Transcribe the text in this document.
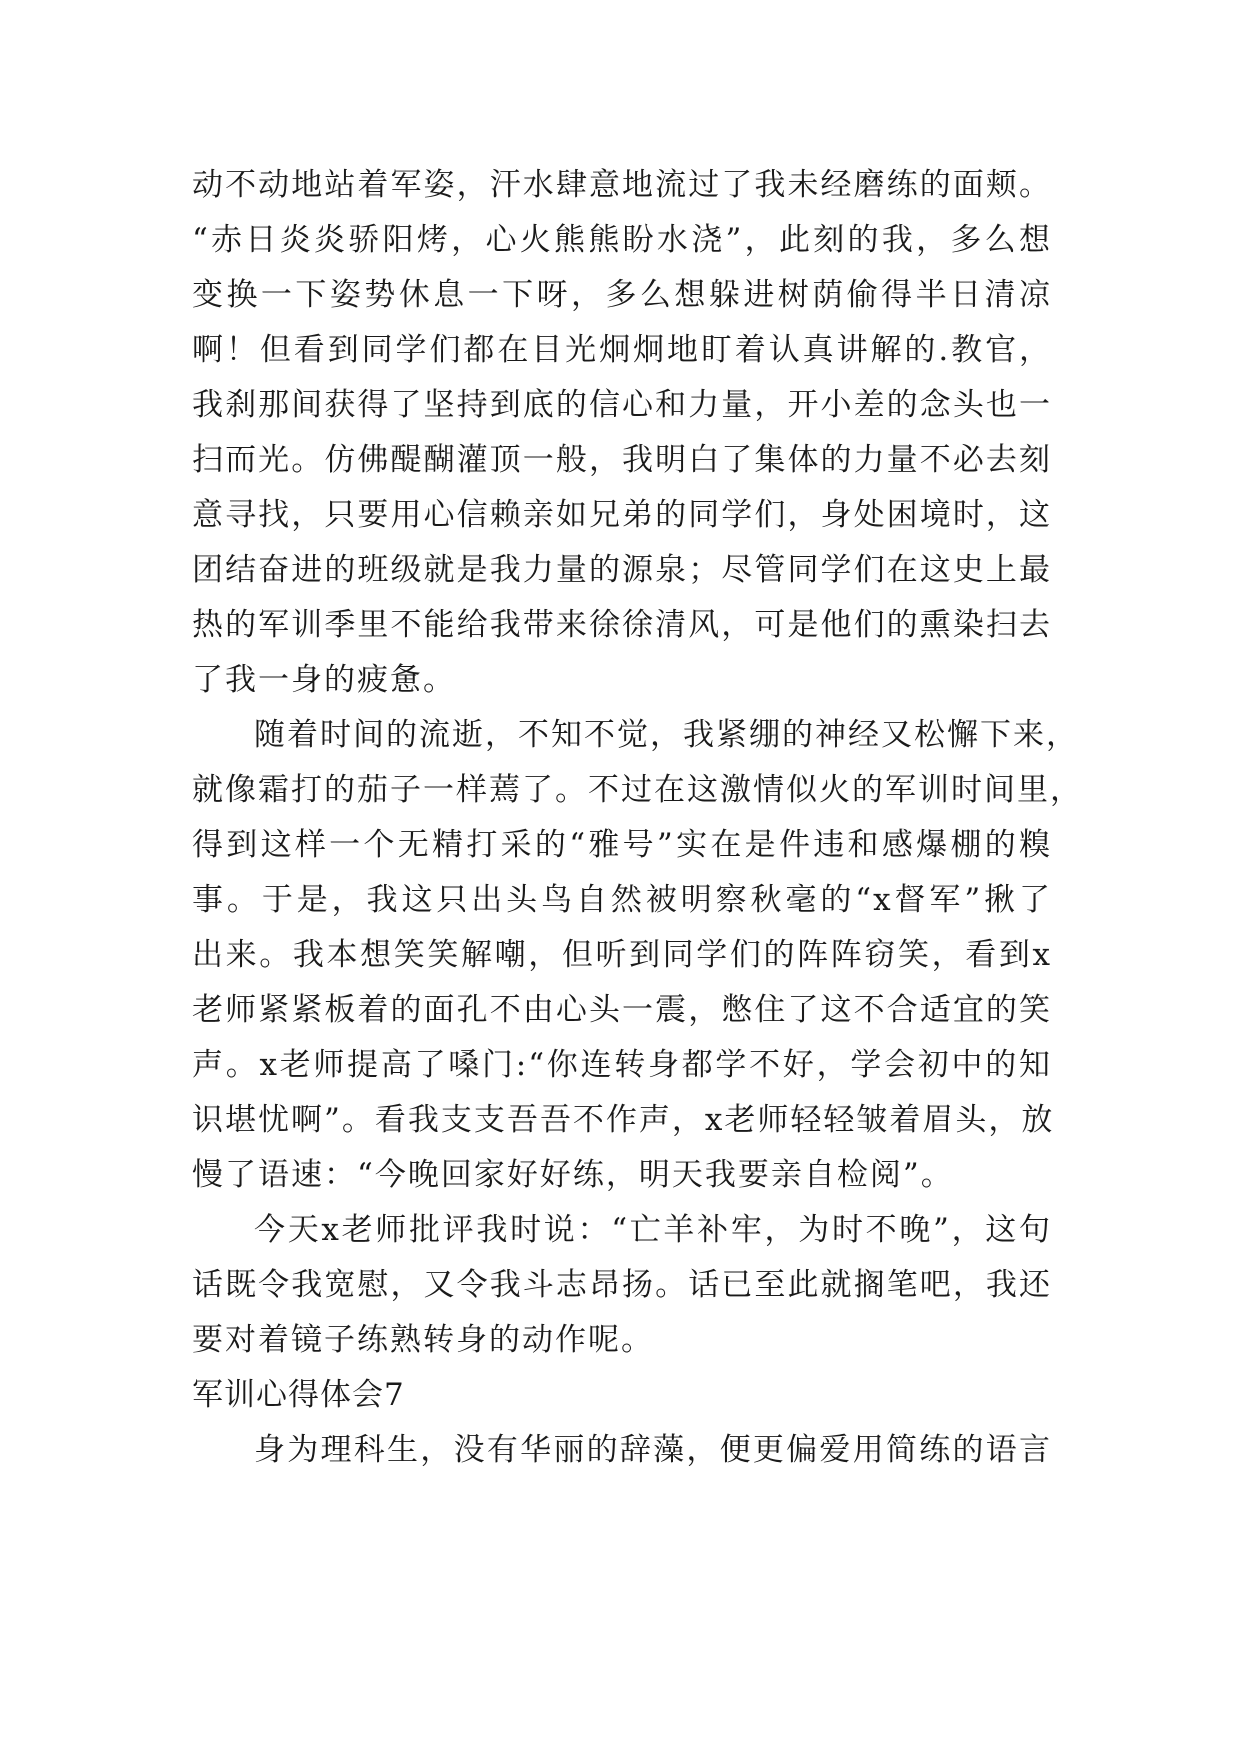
动不动地站着军姿，汗水肆意地流过了我未经磨练的面颊。
“赤日炎炎骄阳烤，心火熊熊盼水浇”，此刻的我，多么想
变换一下姿势休息一下呀，多么想躲进树荫偷得半日清凉
啊！但看到同学们都在目光炯炯地盯着认真讲解的.教官，
我刹那间获得了坚持到底的信心和力量，开小差的念头也一
扫而光。仿佛醍醐灌顶一般，我明白了集体的力量不必去刻
意寻找，只要用心信赖亲如兄弟的同学们，身处困境时，这
团结奋进的班级就是我力量的源泉；尽管同学们在这史上最
热的军训季里不能给我带来徐徐清风，可是他们的熏染扫去
了我一身的疲惫。
随着时间的流逝，不知不觉，我紧绷的神经又松懈下来，
就像霜打的茄子一样蔫了。不过在这激情似火的军训时间里，
得到这样一个无精打采的“雅号”实在是件违和感爆棚的糗
事。于是，我这只出头鸟自然被明察秋毫的“x督军”揪了
出来。我本想笑笑解嘲，但听到同学们的阵阵窃笑，看到x
老师紧紧板着的面孔不由心头一震，憋住了这不合适宜的笑
声。x老师提高了嗓门:“你连转身都学不好，学会初中的知
识堪忧啊”。看我支支吾吾不作声，x老师轻轻皱着眉头，放
慢了语速：“今晚回家好好练，明天我要亲自检阅”。
今天x老师批评我时说：“亡羊补牢，为时不晚”，这句
话既令我宽慰，又令我斗志昂扬。话已至此就搁笔吧，我还
要对着镜子练熟转身的动作呢。
军训心得体会7
身为理科生，没有华丽的辞藻，便更偏爱用简练的语言
